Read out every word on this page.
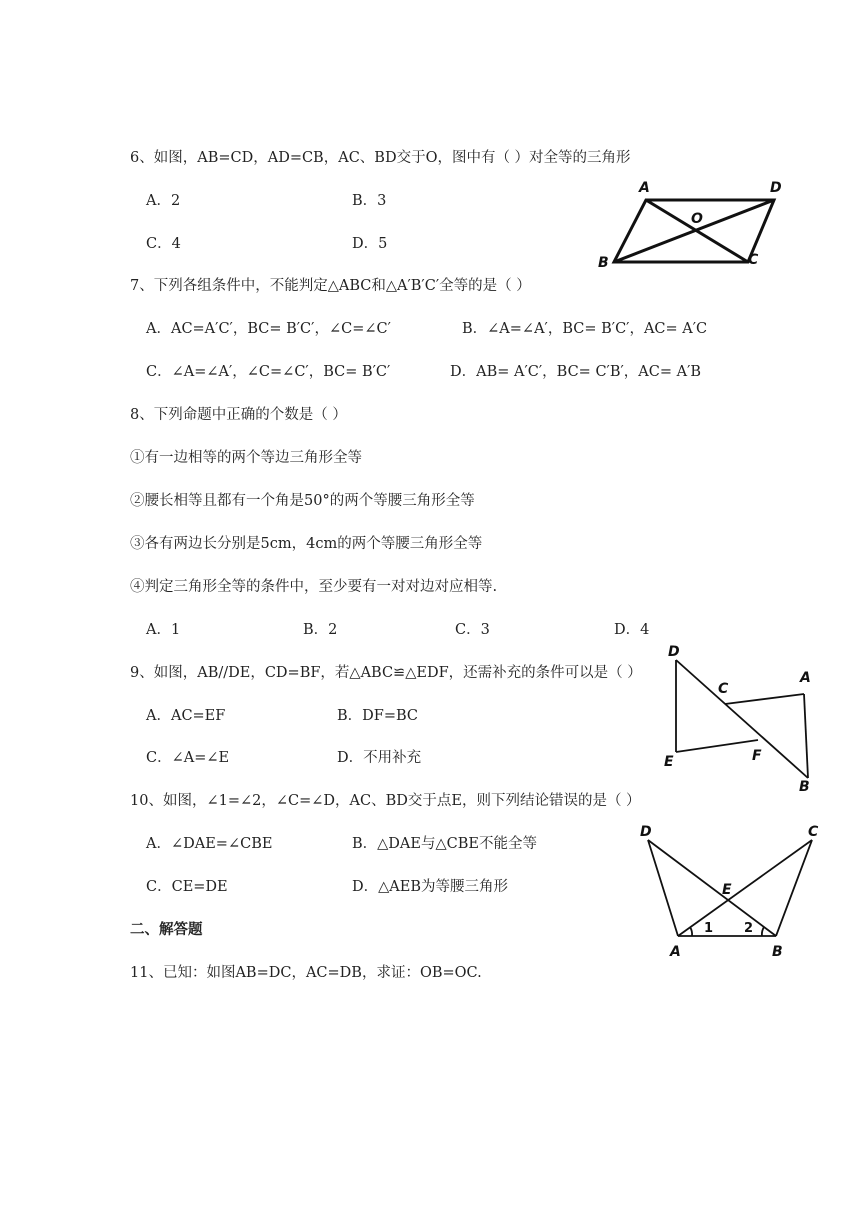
6、如图，AB=CD，AD=CB，AC、BD交于O，图中有（ ）对全等的三角形
A．2	B．3
C．4	D．5
A	D
O
B	C
7、下列各组条件中，不能判定△ABC和△A′B′C′全等的是（ ）
A．AC=A′C′，BC= B′C′，∠C=∠C′	B．∠A=∠A′，BC= B′C′，AC= A′C
C．∠A=∠A′，∠C=∠C′，BC= B′C′	D．AB= A′C′，BC= C′B′，AC= A′B
8、下列命题中正确的个数是（ ）
①有一边相等的两个等边三角形全等
②腰长相等且都有一个角是50°的两个等腰三角形全等
③各有两边长分别是5cm，4cm的两个等腰三角形全等
④判定三角形全等的条件中，至少要有一对对边对应相等.
A．1	B．2	C．3	D．4
9、如图，AB//DE，CD=BF，若△ABC≌△EDF，还需补充的条件可以是（ ）
A．AC=EF	B．DF=BC
C．∠A=∠E	D．不用补充
D
C
A
E	F
B
10、如图，∠1=∠2，∠C=∠D，AC、BD交于点E，则下列结论错误的是（ ）
A．∠DAE=∠CBE	B．△DAE与△CBE不能全等
C．CE=DE	D．△AEB为等腰三角形
D	C
E
A
1 2
B
二、解答题
11、已知：如图AB=DC，AC=DB，求证：OB=OC.
